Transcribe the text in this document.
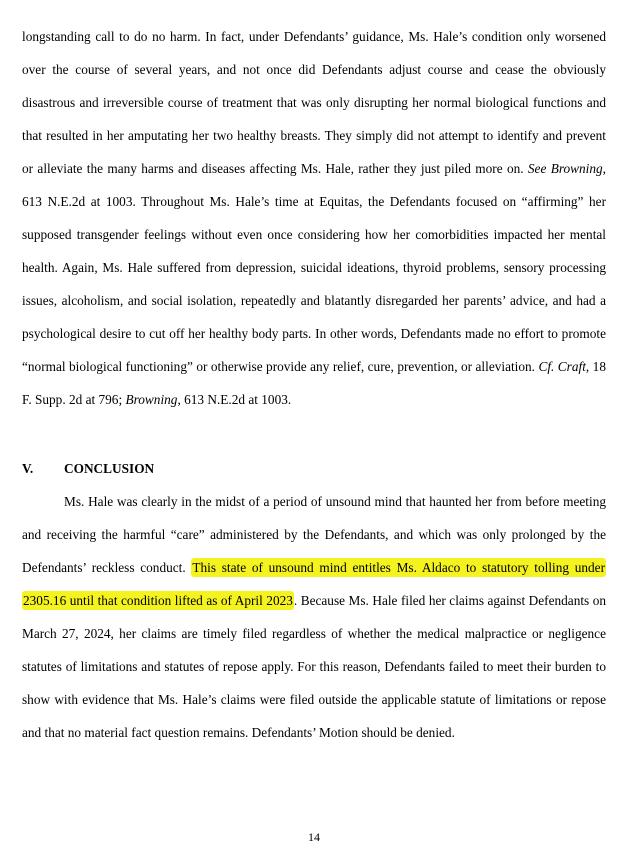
longstanding call to do no harm. In fact, under Defendants’ guidance, Ms. Hale’s condition only worsened over the course of several years, and not once did Defendants adjust course and cease the obviously disastrous and irreversible course of treatment that was only disrupting her normal biological functions and that resulted in her amputating her two healthy breasts. They simply did not attempt to identify and prevent or alleviate the many harms and diseases affecting Ms. Hale, rather they just piled more on. See Browning, 613 N.E.2d at 1003. Throughout Ms. Hale’s time at Equitas, the Defendants focused on “affirming” her supposed transgender feelings without even once considering how her comorbidities impacted her mental health. Again, Ms. Hale suffered from depression, suicidal ideations, thyroid problems, sensory processing issues, alcoholism, and social isolation, repeatedly and blatantly disregarded her parents’ advice, and had a psychological desire to cut off her healthy body parts. In other words, Defendants made no effort to promote “normal biological functioning” or otherwise provide any relief, cure, prevention, or alleviation. Cf. Craft, 18 F. Supp. 2d at 796; Browning, 613 N.E.2d at 1003.

V. CONCLUSION

Ms. Hale was clearly in the midst of a period of unsound mind that haunted her from before meeting and receiving the harmful “care” administered by the Defendants, and which was only prolonged by the Defendants’ reckless conduct. This state of unsound mind entitles Ms. Aldaco to statutory tolling under 2305.16 until that condition lifted as of April 2023. Because Ms. Hale filed her claims against Defendants on March 27, 2024, her claims are timely filed regardless of whether the medical malpractice or negligence statutes of limitations and statutes of repose apply. For this reason, Defendants failed to meet their burden to show with evidence that Ms. Hale’s claims were filed outside the applicable statute of limitations or repose and that no material fact question remains. Defendants’ Motion should be denied.

14
